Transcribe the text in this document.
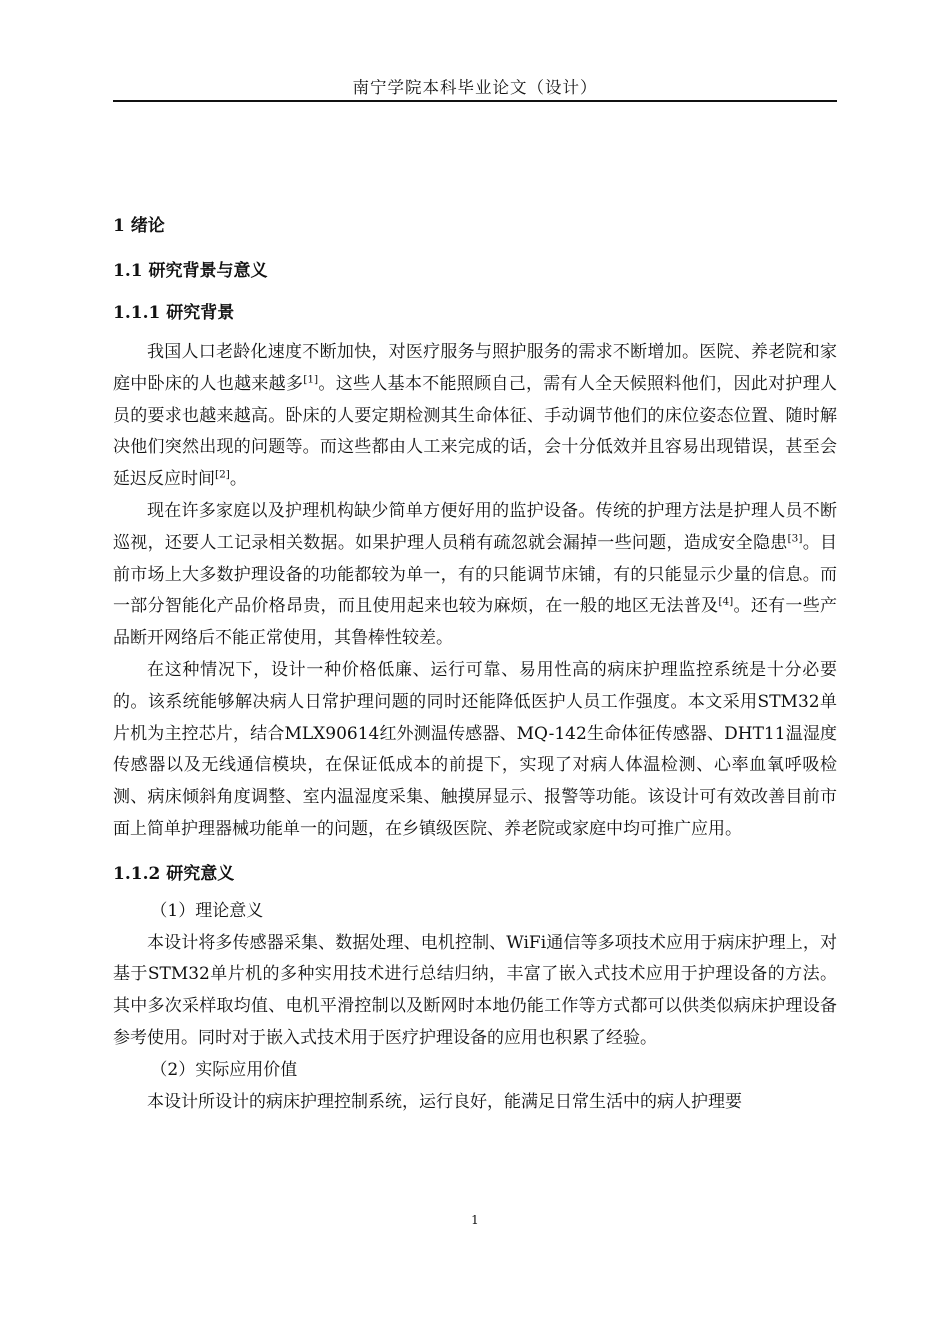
南宁学院本科毕业论文（设计）

1 绪论

1.1 研究背景与意义

1.1.1 研究背景

我国人口老龄化速度不断加快，对医疗服务与照护服务的需求不断增加。医院、养老院和家庭中卧床的人也越来越多[1]。这些人基本不能照顾自己，需有人全天候照料他们，因此对护理人员的要求也越来越高。卧床的人要定期检测其生命体征、手动调节他们的床位姿态位置、随时解决他们突然出现的问题等。而这些都由人工来完成的话，会十分低效并且容易出现错误，甚至会延迟反应时间[2]。

现在许多家庭以及护理机构缺少简单方便好用的监护设备。传统的护理方法是护理人员不断巡视，还要人工记录相关数据。如果护理人员稍有疏忽就会漏掉一些问题，造成安全隐患[3]。目前市场上大多数护理设备的功能都较为单一，有的只能调节床铺，有的只能显示少量的信息。而一部分智能化产品价格昂贵，而且使用起来也较为麻烦，在一般的地区无法普及[4]。还有一些产品断开网络后不能正常使用，其鲁棒性较差。

在这种情况下，设计一种价格低廉、运行可靠、易用性高的病床护理监控系统是十分必要的。该系统能够解决病人日常护理问题的同时还能降低医护人员工作强度。本文采用STM32单片机为主控芯片，结合MLX90614红外测温传感器、MQ-142生命体征传感器、DHT11温湿度传感器以及无线通信模块，在保证低成本的前提下，实现了对病人体温检测、心率血氧呼吸检测、病床倾斜角度调整、室内温湿度采集、触摸屏显示、报警等功能。该设计可有效改善目前市面上简单护理器械功能单一的问题，在乡镇级医院、养老院或家庭中均可推广应用。

1.1.2 研究意义

（1）理论意义

本设计将多传感器采集、数据处理、电机控制、WiFi通信等多项技术应用于病床护理上，对基于STM32单片机的多种实用技术进行总结归纳，丰富了嵌入式技术应用于护理设备的方法。其中多次采样取均值、电机平滑控制以及断网时本地仍能工作等方式都可以供类似病床护理设备参考使用。同时对于嵌入式技术用于医疗护理设备的应用也积累了经验。

（2）实际应用价值

本设计所设计的病床护理控制系统，运行良好，能满足日常生活中的病人护理要

1
